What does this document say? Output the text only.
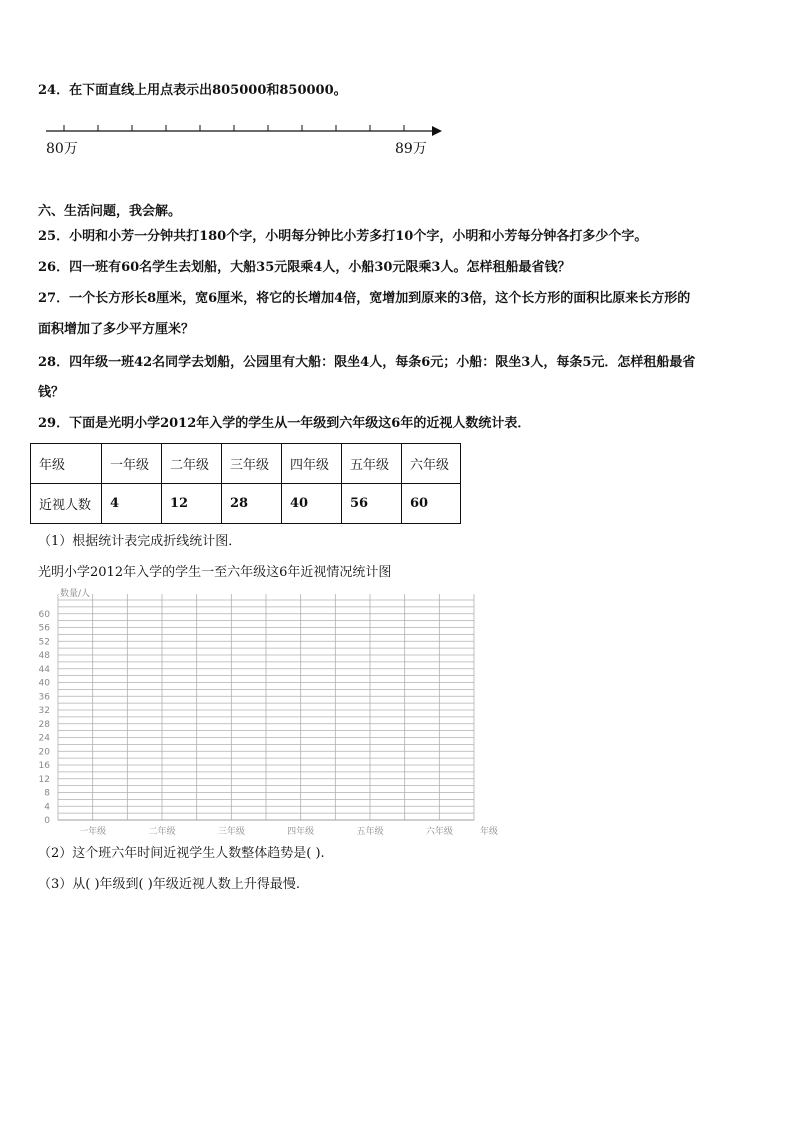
24．在下面直线上用点表示出805000和850000。
80万	89万
六、生活问题，我会解。
25．小明和小芳一分钟共打180个字，小明每分钟比小芳多打10个字，小明和小芳每分钟各打多少个字。
26．四一班有60名学生去划船，大船35元限乘4人，小船30元限乘3人。怎样租船最省钱？
27．一个长方形长8厘米，宽6厘米，将它的长增加4倍，宽增加到原来的3倍，这个长方形的面积比原来长方形的
面积增加了多少平方厘米？
28．四年级一班42名同学去划船，公园里有大船：限坐4人，每条6元；小船：限坐3人，每条5元．怎样租船最省
钱？
29．下面是光明小学2012年入学的学生从一年级到六年级这6年的近视人数统计表．
年级	一年级	二年级	三年级	四年级	五年级	六年级
近视人数	4	12	28	40	56	60
（1）根据统计表完成折线统计图．
光明小学2012年入学的学生一至六年级这6年近视情况统计图
0
4
8
12
16
20
24
28
32
36
40
44
48
52
56
60
一年级	二年级	三年级	四年级	五年级	六年级
数量/人
年级
（2）这个班六年时间近视学生人数整体趋势是( ).
（3）从( )年级到( )年级近视人数上升得最慢.
